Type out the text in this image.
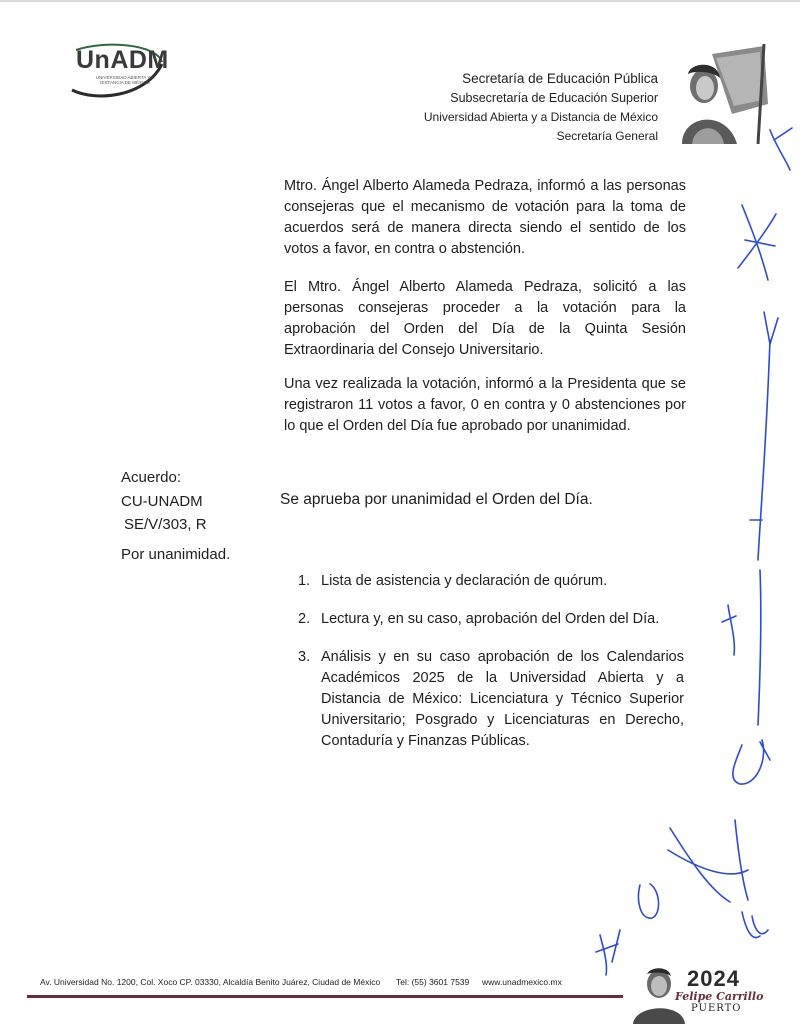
UnADM
UNIVERSIDAD ABIERTA Y A DISTANCIA DE MÉXICO	Secretaría de Educación Pública
Subsecretaría de Educación Superior
Universidad Abierta y a Distancia de México
Secretaría General
Mtro. Ángel Alberto Alameda Pedraza, informó a las personas consejeras que el mecanismo de votación para la toma de acuerdos será de manera directa siendo el sentido de los votos a favor, en contra o abstención.
El Mtro. Ángel Alberto Alameda Pedraza, solicitó a las personas consejeras proceder a la votación para la aprobación del Orden del Día de la Quinta Sesión Extraordinaria del Consejo Universitario.
Una vez realizada la votación, informó a la Presidenta que se registraron 11 votos a favor, 0 en contra y 0 abstenciones por lo que el Orden del Día fue aprobado por unanimidad.
Acuerdo:
CU-UNADM
SE/V/303, R
Por unanimidad.
Se aprueba por unanimidad el Orden del Día.
1. Lista de asistencia y declaración de quórum.
2. Lectura y, en su caso, aprobación del Orden del Día.
3. Análisis y en su caso aprobación de los Calendarios Académicos 2025 de la Universidad Abierta y a Distancia de México: Licenciatura y Técnico Superior Universitario; Posgrado y Licenciaturas en Derecho, Contaduría y Finanzas Públicas.
Av. Universidad No. 1200, Col. Xoco CP. 03330, Alcaldía Benito Juárez, Ciudad de México Tel: (55) 3601 7539 www.unadmexico.mx	2024
Felipe Carrillo
PUERTO
